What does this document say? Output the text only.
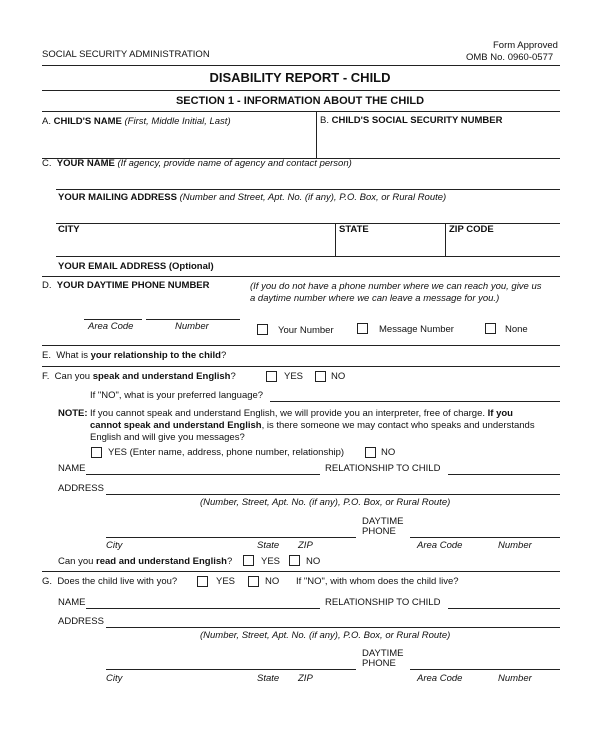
SOCIAL SECURITY ADMINISTRATION
Form Approved
OMB No. 0960-0577
DISABILITY REPORT - CHILD
SECTION 1 - INFORMATION ABOUT THE CHILD
A. CHILD'S NAME (First, Middle Initial, Last)	B. CHILD'S SOCIAL SECURITY NUMBER
C. YOUR NAME (If agency, provide name of agency and contact person)
YOUR MAILING ADDRESS (Number and Street, Apt. No. (if any), P.O. Box, or Rural Route)
CITY	STATE	ZIP CODE
YOUR EMAIL ADDRESS (Optional)
D. YOUR DAYTIME PHONE NUMBER	(If you do not have a phone number where we can reach you, give us
a daytime number where we can leave a message for you.)
Area Code	Number	Your Number	Message Number	None
E. What is your relationship to the child?
F. Can you speak and understand English?	YES	NO
If "NO", what is your preferred language?
NOTE: If you cannot speak and understand English, we will provide you an interpreter, free of charge. If you
cannot speak and understand English, is there someone we may contact who speaks and understands
English and will give you messages?
YES (Enter name, address, phone number, relationship)	NO
NAME	RELATIONSHIP TO CHILD
ADDRESS
(Number, Street, Apt. No. (if any), P.O. Box, or Rural Route)
DAYTIME
PHONE
City	State ZIP	Area Code	Number
Can you read and understand English?	YES	NO
G. Does the child live with you?	YES	NO If "NO", with whom does the child live?
NAME	RELATIONSHIP TO CHILD
ADDRESS
(Number, Street, Apt. No. (if any), P.O. Box, or Rural Route)
DAYTIME
PHONE
City	State ZIP	Area Code	Number
